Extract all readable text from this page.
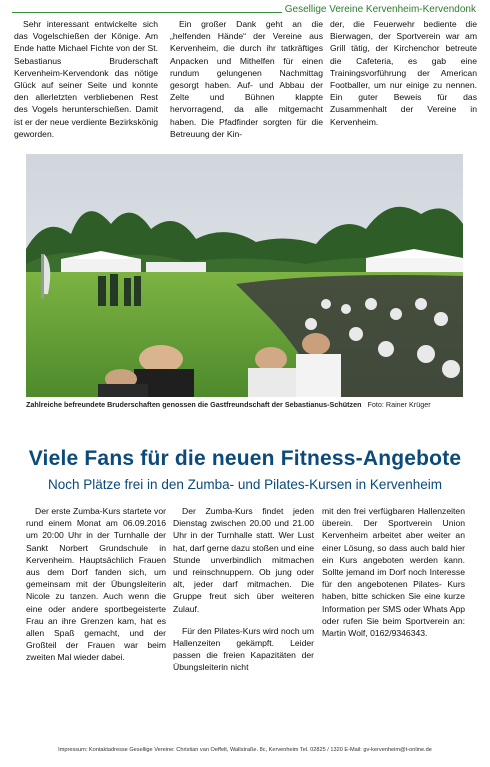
Gesellige Vereine Kervenheim-Kervendonk

Sehr interessant entwickelte sich das Vogelschießen der Könige. Am Ende hatte Michael Fichte von der St. Sebastianus Bruderschaft Kervenheim-Kervendonk das nötige Glück auf seiner Seite und konnte den allerletzten verbliebenen Rest des Vogels herunterschießen. Damit ist er der neue verdiente Bezirkskönig geworden.

Ein großer Dank geht an die „helfenden Hände“ der Vereine aus Kervenheim, die durch ihr tatkräftiges Anpacken und Mithelfen für einen rundum gelungenen Nachmittag gesorgt haben. Auf- und Abbau der Zelte und Bühnen klappte hervorragend, da alle mitgemacht haben. Die Pfadfinder sorgten für die Betreuung der Kin-

der, die Feuerwehr bediente die Bierwagen, der Sportverein war am Grill tätig, der Kirchenchor betreute die Cafeteria, es gab eine Trainingsvorführung der American Footballer, um nur einige zu nennen. Ein guter Beweis für das Zusammenhalt der Vereine in Kervenheim.

Zahlreiche befreundete Bruderschaften genossen die Gastfreundschaft der Sebastianus-Schützen Foto: Rainer Krüger
Viele Fans für die neuen Fitness-Angebote
Noch Plätze frei in den Zumba- und Pilates-Kursen in Kervenheim

Der erste Zumba-Kurs startete vor rund einem Monat am 06.09.2016 um 20:00 Uhr in der Turnhalle der Sankt Norbert Grundschule in Kervenheim. Hauptsächlich Frauen aus dem Dorf fanden sich, um gemeinsam mit der Übungsleiterin Nicole zu tanzen. Auch wenn die eine oder andere sportbegeisterte Frau an ihre Grenzen kam, hat es allen Spaß gemacht, und der Großteil der Frauen war beim zweiten Mal wieder dabei.

Der Zumba-Kurs findet jeden Dienstag zwischen 20.00 und 21.00 Uhr in der Turnhalle statt. Wer Lust hat, darf gerne dazu stoßen und eine Stunde unverbindlich mitmachen und reinschnuppern. Ob jung oder alt, jeder darf mitmachen. Die Gruppe freut sich über weiteren Zulauf.

Für den Pilates-Kurs wird noch um Hallenzeiten gekämpft. Leider passen die freien Kapazitäten der Übungsleiterin nicht

mit den frei verfügbaren Hallenzeiten überein. Der Sportverein Union Kervenheim arbeitet aber weiter an einer Lösung, so dass auch bald hier ein Kurs angeboten werden kann. Sollte jemand im Dorf noch Interesse für den angebotenen Pilates- Kurs haben, bitte schicken Sie eine kurze Information per SMS oder Whats App oder rufen Sie beim Sportverein an: Martin Wolf, 0162/9346343.

Impressum: Kontaktadresse Gesellige Vereine: Christian van Oeffelt, Wallstraße. 8c, Kervenheim Tel. 02825 / 1320 E-Mail: gv-kervenheim@t-online.de
